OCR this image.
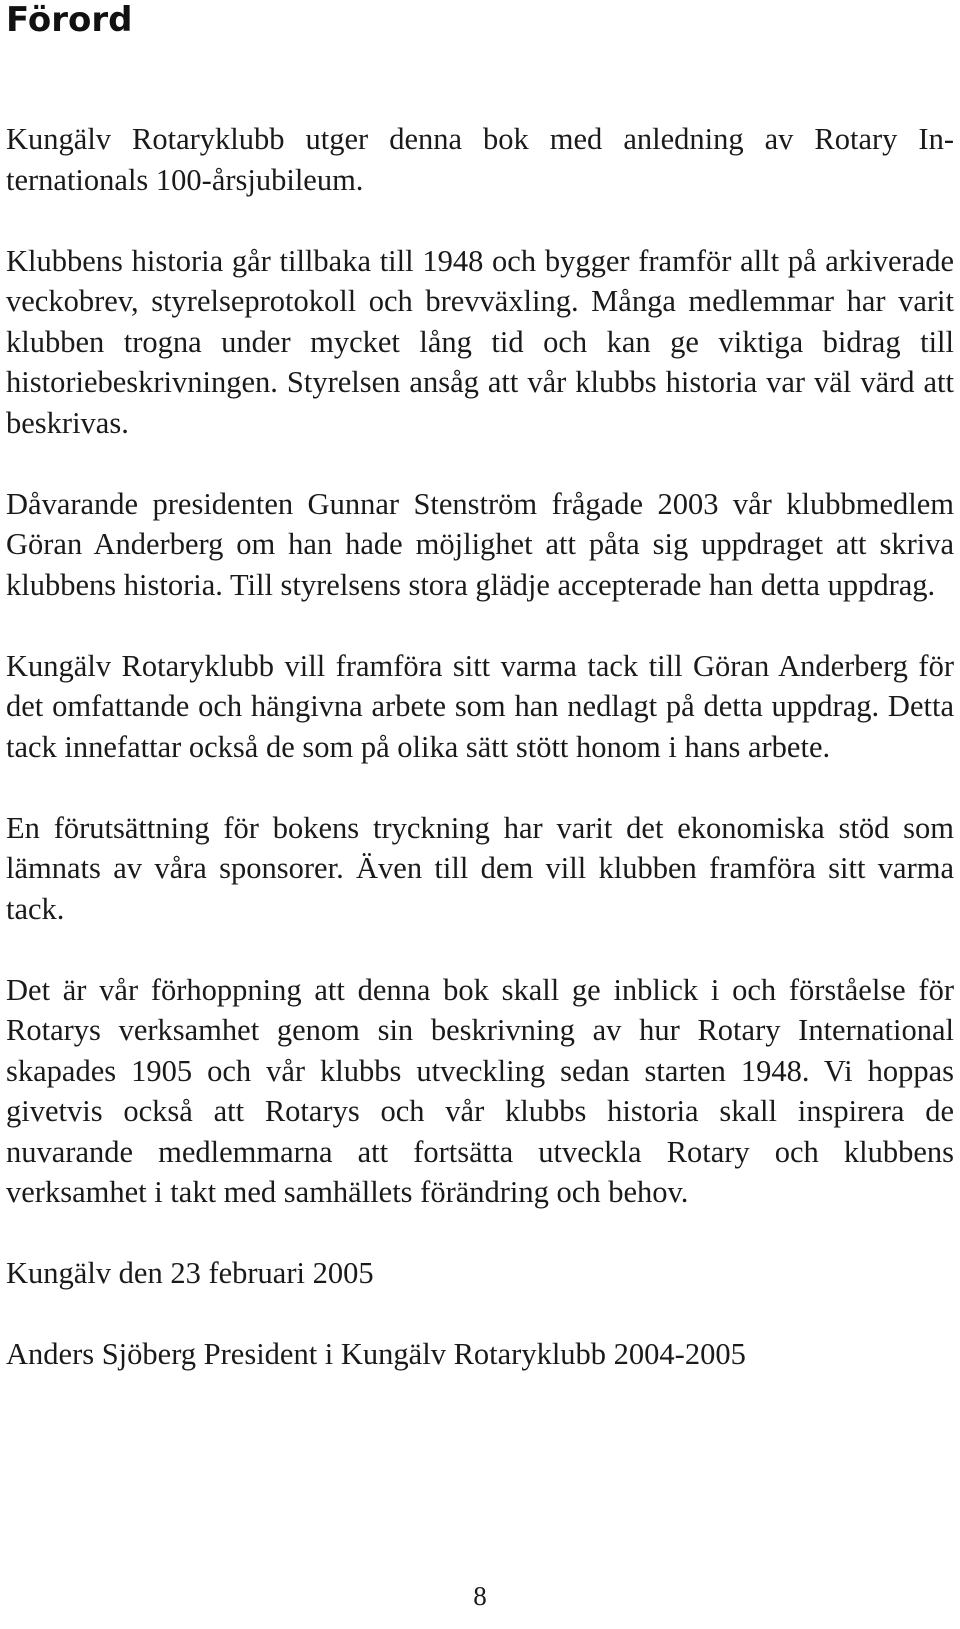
Förord

Kungälv Rotaryklubb utger denna bok med anledning av Rotary Internationals 100-årsjubileum.

Klubbens historia går tillbaka till 1948 och bygger framför allt på arkiverade veckobrev, styrelseprotokoll och brevväxling. Många medlemmar har varit klubben trogna under mycket lång tid och kan ge viktiga bidrag till historiebeskrivningen. Styrelsen ansåg att vår klubbs historia var väl värd att beskrivas.

Dåvarande presidenten Gunnar Stenström frågade 2003 vår klubbmedlem Göran Anderberg om han hade möjlighet att påta sig uppdraget att skriva klubbens historia. Till styrelsens stora glädje accepterade han detta uppdrag.

Kungälv Rotaryklubb vill framföra sitt varma tack till Göran Anderberg för det omfattande och hängivna arbete som han nedlagt på detta uppdrag. Detta tack innefattar också de som på olika sätt stött honom i hans arbete.

En förutsättning för bokens tryckning har varit det ekonomiska stöd som lämnats av våra sponsorer. Även till dem vill klubben framföra sitt varma tack.

Det är vår förhoppning att denna bok skall ge inblick i och förståelse för Rotarys verksamhet genom sin beskrivning av hur Rotary International skapades 1905 och vår klubbs utveckling sedan starten 1948. Vi hoppas givetvis också att Rotarys och vår klubbs historia skall inspirera de nuvarande medlemmarna att fortsätta utveckla Rotary och klubbens verksamhet i takt med samhällets förändring och behov.

Kungälv den 23 februari 2005

Anders Sjöberg President i Kungälv Rotaryklubb 2004-2005

8
